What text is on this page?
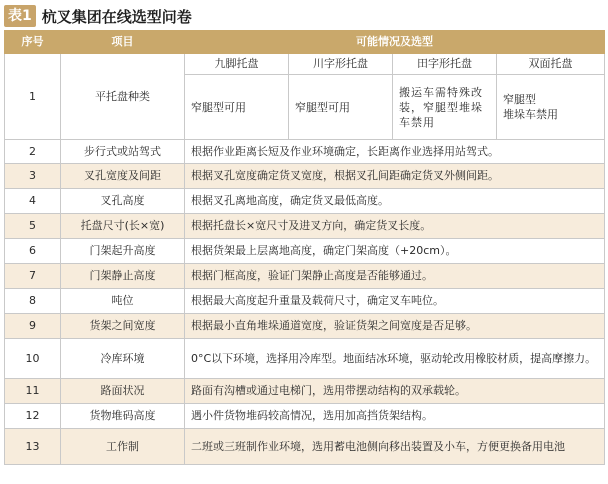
表1 杭叉集团在线选型问卷
序号	项目	可能情况及选型			
1	平托盘种类	九脚托盘	川字形托盘	田字形托盘	双面托盘
		窄腿型可用	窄腿型可用	搬运车需特殊改装，窄腿型堆垛车禁用	窄腿型
堆垛车禁用
2	步行式或站驾式	根据作业距离长短及作业环境确定，长距离作业选择用站驾式。			
3	叉孔宽度及间距	根据叉孔宽度确定货叉宽度，根据叉孔间距确定货叉外侧间距。			
4	叉孔高度	根据叉孔离地高度，确定货叉最低高度。			
5	托盘尺寸(长×宽)	根据托盘长×宽尺寸及进叉方向，确定货叉长度。			
6	门架起升高度	根据货架最上层离地高度，确定门架高度（+20cm）。			
7	门架静止高度	根据门框高度，验证门架静止高度是否能够通过。			
8	吨位	根据最大高度起升重量及载荷尺寸，确定叉车吨位。			
9	货架之间宽度	根据最小直角堆垛通道宽度，验证货架之间宽度是否足够。			
10	冷库环境	0°C以下环境，选择用冷库型。地面结冰环境，驱动轮改用橡胶材质，提高摩擦力。			
11	路面状况	路面有沟槽或通过电梯门，选用带摆动结构的双承载轮。			
12	货物堆码高度	遇小件货物堆码较高情况，选用加高挡货架结构。			
13	工作制	二班或三班制作业环境，选用蓄电池侧向移出装置及小车，方便更换备用电池			
